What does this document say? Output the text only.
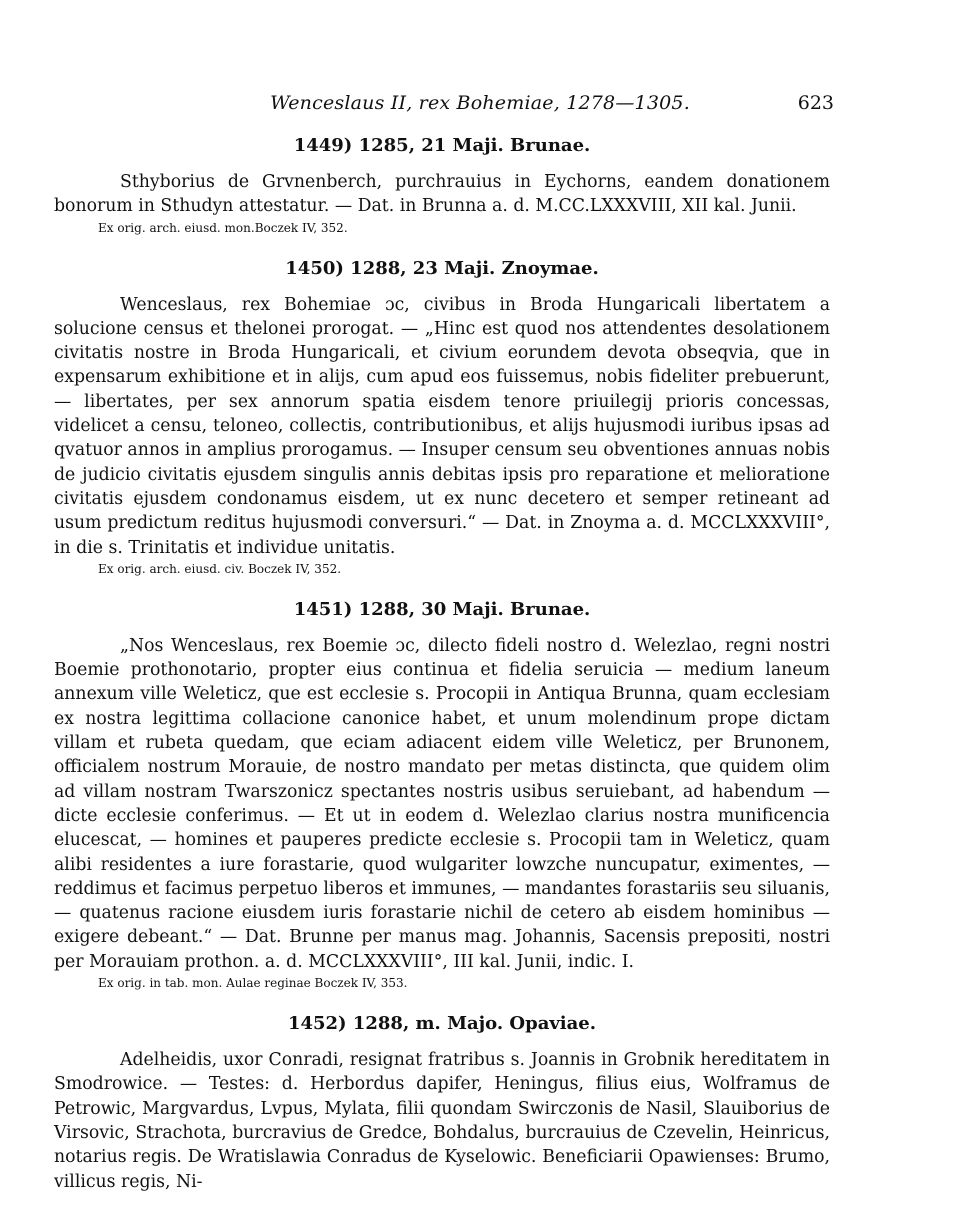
Wenceslaus II, rex Bohemiae, 1278—1305.	623
1449) 1285, 21 Maji. Brunae.

Sthyborius de Grvnenberch, purchrauius in Eychorns, eandem donationem bonorum in Sthudyn attestatur. — Dat. in Brunna a. d. M.CC.LXXXVIII, XII kal. Junii.

Ex orig. arch. eiusd. mon.Boczek IV, 352.
1450) 1288, 23 Maji. Znoymae.

Wenceslaus, rex Bohemiae ɔc, civibus in Broda Hungaricali libertatem a solucione census et thelonei prorogat. — „Hinc est quod nos attendentes desolationem civitatis nostre in Broda Hungaricali, et civium eorundem devota obseqvia, que in expensarum exhibitione et in alijs, cum apud eos fuissemus, nobis fideliter prebuerunt, — libertates, per sex annorum spatia eisdem tenore priuilegij prioris concessas, videlicet a censu, teloneo, collectis, contributionibus, et alijs hujusmodi iuribus ipsas ad qvatuor annos in amplius prorogamus. — Insuper censum seu obventiones annuas nobis de judicio civitatis ejusdem singulis annis debitas ipsis pro reparatione et melioratione civitatis ejusdem condonamus eisdem, ut ex nunc decetero et semper retineant ad usum predictum reditus hujusmodi conversuri.“ — Dat. in Znoyma a. d. MCCLXXXVIII°, in die s. Trinitatis et individue unitatis.

Ex orig. arch. eiusd. civ. Boczek IV, 352.
1451) 1288, 30 Maji. Brunae.

„Nos Wenceslaus, rex Boemie ɔc, dilecto fideli nostro d. Welezlao, regni nostri Boemie prothonotario, propter eius continua et fidelia seruicia — medium laneum annexum ville Weleticz, que est ecclesie s. Procopii in Antiqua Brunna, quam ecclesiam ex nostra legittima collacione canonice habet, et unum molendinum prope dictam villam et rubeta quedam, que eciam adiacent eidem ville Weleticz, per Brunonem, officialem nostrum Morauie, de nostro mandato per metas distincta, que quidem olim ad villam nostram Twarszonicz spectantes nostris usibus seruiebant, ad habendum — dicte ecclesie conferimus. — Et ut in eodem d. Welezlao clarius nostra munificencia elucescat, — homines et pauperes predicte ecclesie s. Procopii tam in Weleticz, quam alibi residentes a iure forastarie, quod wulgariter lowzche nuncupatur, eximentes, — reddimus et facimus perpetuo liberos et immunes, — mandantes forastariis seu siluanis, — quatenus racione eiusdem iuris forastarie nichil de cetero ab eisdem hominibus — exigere debeant.“ — Dat. Brunne per manus mag. Johannis, Sacensis prepositi, nostri per Morauiam prothon. a. d. MCCLXXXVIII°, III kal. Junii, indic. I.

Ex orig. in tab. mon. Aulae reginae Boczek IV, 353.
1452) 1288, m. Majo. Opaviae.

Adelheidis, uxor Conradi, resignat fratribus s. Joannis in Grobnik hereditatem in Smodrowice. — Testes: d. Herbordus dapifer, Heningus, filius eius, Wolframus de Petrowic, Margvardus, Lvpus, Mylata, filii quondam Swirczonis de Nasil, Slauiborius de Virsovic, Strachota, burcravius de Gredce, Bohdalus, burcrauius de Czevelin, Heinricus, notarius regis. De Wratislawia Conradus de Kyselowic. Beneficiarii Opawienses: Brumo, villicus regis, Ni-
